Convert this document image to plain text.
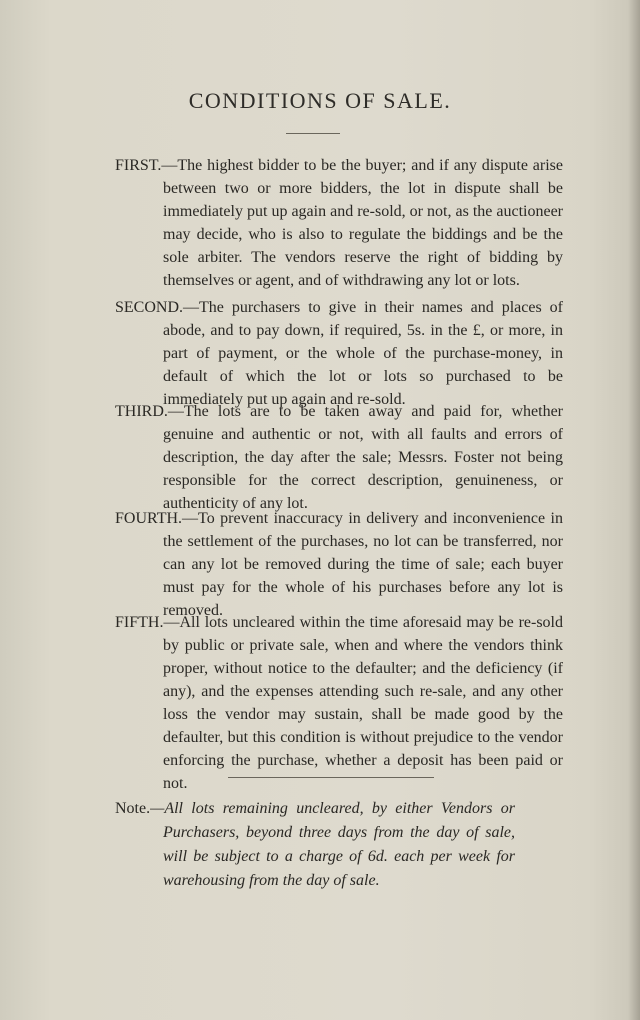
CONDITIONS OF SALE.

FIRST.—The highest bidder to be the buyer; and if any dispute arise between two or more bidders, the lot in dispute shall be immediately put up again and re-sold, or not, as the auctioneer may decide, who is also to regulate the biddings and be the sole arbiter. The vendors reserve the right of bidding by themselves or agent, and of withdrawing any lot or lots.

SECOND.—The purchasers to give in their names and places of abode, and to pay down, if required, 5s. in the £, or more, in part of payment, or the whole of the purchase-money, in default of which the lot or lots so purchased to be immediately put up again and re-sold.

THIRD.—The lots are to be taken away and paid for, whether genuine and authentic or not, with all faults and errors of description, the day after the sale; Messrs. Foster not being responsible for the correct description, genuineness, or authenticity of any lot.

FOURTH.—To prevent inaccuracy in delivery and inconvenience in the settlement of the purchases, no lot can be transferred, nor can any lot be removed during the time of sale; each buyer must pay for the whole of his purchases before any lot is removed.

FIFTH.—All lots uncleared within the time aforesaid may be re-sold by public or private sale, when and where the vendors think proper, without notice to the defaulter; and the deficiency (if any), and the expenses attending such re-sale, and any other loss the vendor may sustain, shall be made good by the defaulter, but this condition is without prejudice to the vendor enforcing the purchase, whether a deposit has been paid or not.

Note.—All lots remaining uncleared, by either Vendors or Purchasers, beyond three days from the day of sale, will be subject to a charge of 6d. each per week for warehousing from the day of sale.
